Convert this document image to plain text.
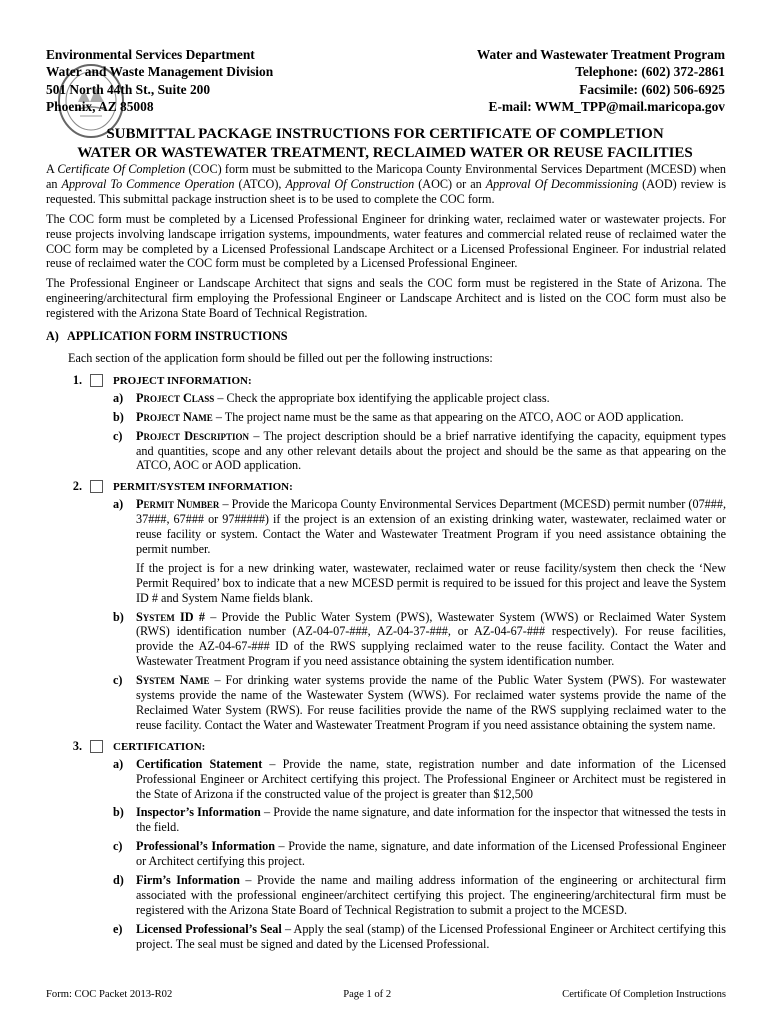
Environmental Services Department
Water and Waste Management Division
501 North 44th St., Suite 200
Phoenix, AZ 85008
Water and Wastewater Treatment Program
Telephone: (602) 372-2861
Facsimile: (602) 506-6925
E-mail: WWM_TPP@mail.maricopa.gov
SUBMITTAL PACKAGE INSTRUCTIONS FOR CERTIFICATE OF COMPLETION
WATER OR WASTEWATER TREATMENT, RECLAIMED WATER OR REUSE FACILITIES

A Certificate Of Completion (COC) form must be submitted to the Maricopa County Environmental Services Department (MCESD) when an Approval To Commence Operation (ATCO), Approval Of Construction (AOC) or an Approval Of Decommissioning (AOD) review is requested. This submittal package instruction sheet is to be used to complete the COC form.

The COC form must be completed by a Licensed Professional Engineer for drinking water, reclaimed water or wastewater projects. For reuse projects involving landscape irrigation systems, impoundments, water features and commercial related reuse of reclaimed water the COC form may be completed by a Licensed Professional Landscape Architect or a Licensed Professional Engineer. For industrial related reuse of reclaimed water the COC form must be completed by a Licensed Professional Engineer.

The Professional Engineer or Landscape Architect that signs and seals the COC form must be registered in the State of Arizona. The engineering/architectural firm employing the Professional Engineer or Landscape Architect and is listed on the COC form must also be registered with the Arizona State Board of Technical Registration.

A) APPLICATION FORM INSTRUCTIONS

Each section of the application form should be filled out per the following instructions:

1.	PROJECT INFORMATION:
a)	Project Class – Check the appropriate box identifying the applicable project class.
b) Project Name – The project name must be the same as that appearing on the ATCO, AOC or AOD application.
c)	Project Description – The project description should be a brief narrative identifying the capacity, equipment types and quantities, scope and any other relevant details about the project and should be the same as that appearing on the ATCO, AOC or AOD application.
2.	PERMIT/SYSTEM INFORMATION:
a)	Permit Number – Provide the Maricopa County Environmental Services Department (MCESD) permit number (07###, 37###, 67### or 97#####) if the project is an extension of an existing drinking water, wastewater, reclaimed water or reuse facility or system. Contact the Water and Wastewater Treatment Program if you need assistance obtaining the permit number.
If the project is for a new drinking water, wastewater, reclaimed water or reuse facility/system then check the ‘New Permit Required’ box to indicate that a new MCESD permit is required to be issued for this project and leave the System ID # and System Name fields blank.
b) System ID # – Provide the Public Water System (PWS), Wastewater System (WWS) or Reclaimed Water System (RWS) identification number (AZ-04-07-###, AZ-04-37-###, or AZ-04-67-### respectively). For reuse facilities, provide the AZ-04-67-### ID of the RWS supplying reclaimed water to the reuse facility. Contact the Water and Wastewater Treatment Program if you need assistance obtaining the system identification number.
c)	System Name – For drinking water systems provide the name of the Public Water System (PWS). For wastewater systems provide the name of the Wastewater System (WWS). For reclaimed water systems provide the name of the Reclaimed Water System (RWS). For reuse facilities provide the name of the RWS supplying reclaimed water to the reuse facility. Contact the Water and Wastewater Treatment Program if you need assistance obtaining the system name.
3.	CERTIFICATION:
a)	Certification Statement – Provide the name, state, registration number and date information of the Licensed Professional Engineer or Architect certifying this project. The Professional Engineer or Architect must be registered in the State of Arizona if the constructed value of the project is greater than $12,500
b) Inspector’s Information – Provide the name signature, and date information for the inspector that witnessed the tests in the field.
c)	Professional’s Information – Provide the name, signature, and date information of the Licensed Professional Engineer or Architect certifying this project.
d) Firm’s Information – Provide the name and mailing address information of the engineering or architectural firm associated with the professional engineer/architect certifying this project. The engineering/architectural firm must be registered with the Arizona State Board of Technical Registration to submit a project to the MCESD.
e)	Licensed Professional’s Seal – Apply the seal (stamp) of the Licensed Professional Engineer or Architect certifying this project. The seal must be signed and dated by the Licensed Professional.
Form: COC Packet 2013-R02	Page 1 of 2	Certificate Of Completion Instructions
